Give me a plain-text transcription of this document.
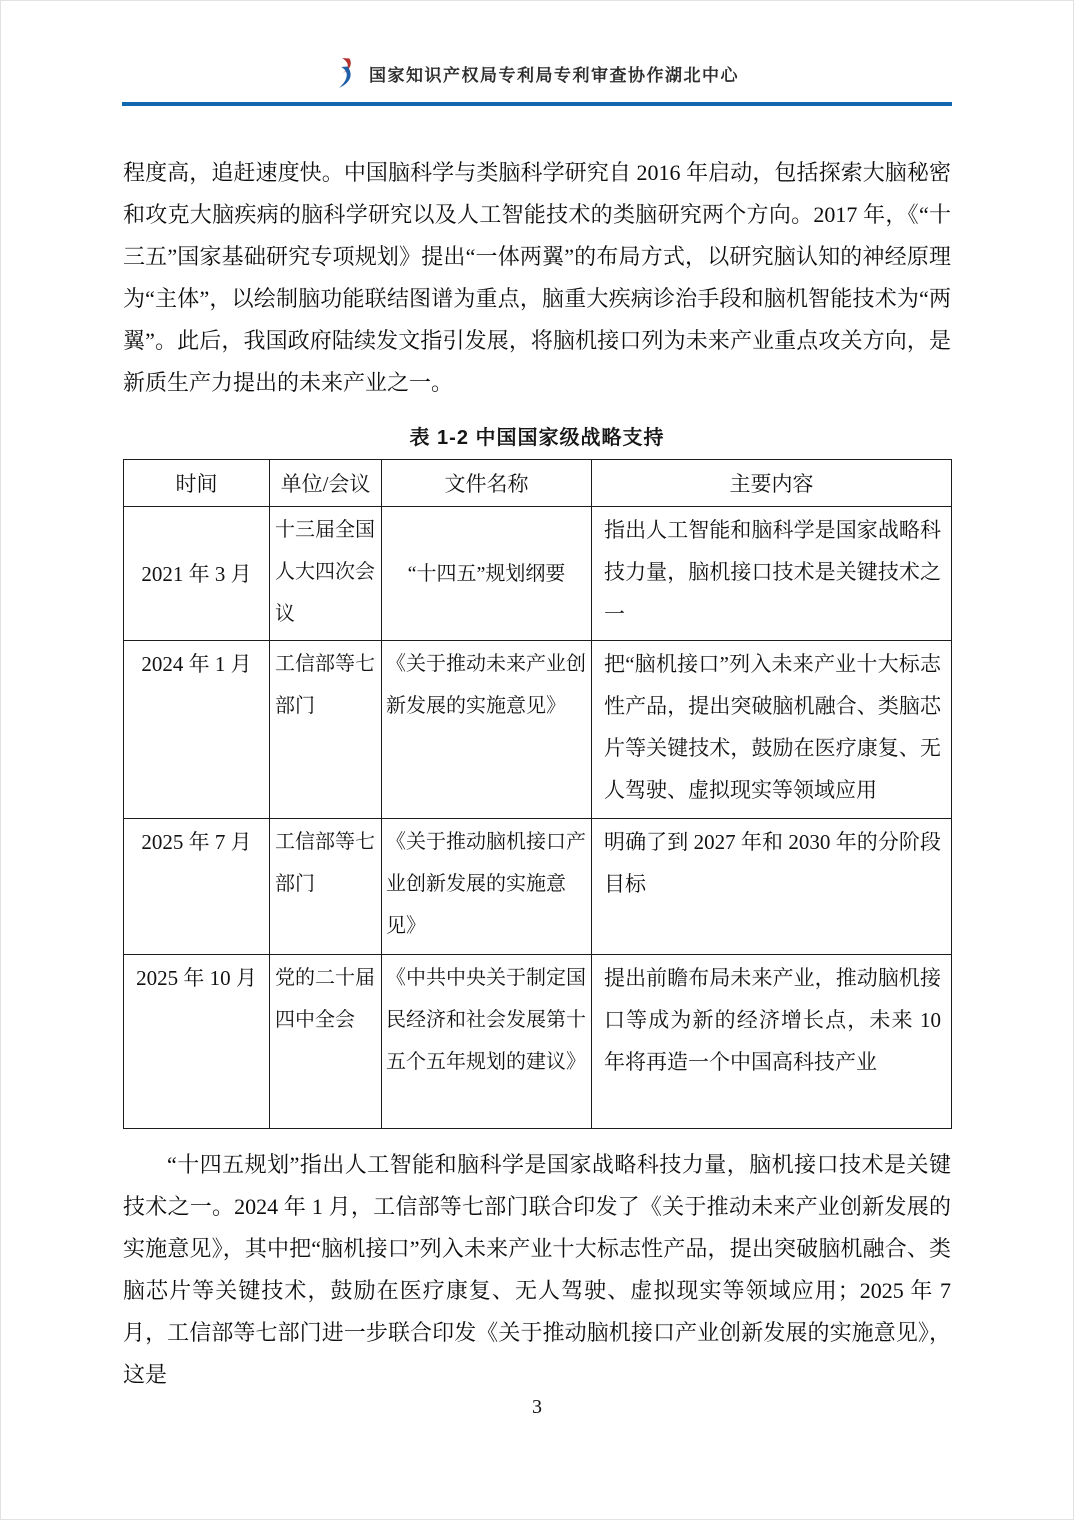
国家知识产权局专利局专利审查协作湖北中心

程度高，追赶速度快。中国脑科学与类脑科学研究自 2016 年启动，包括探索大脑秘密和攻克大脑疾病的脑科学研究以及人工智能技术的类脑研究两个方向。2017 年，《“十三五”国家基础研究专项规划》提出“一体两翼”的布局方式，以研究脑认知的神经原理为“主体”，以绘制脑功能联结图谱为重点，脑重大疾病诊治手段和脑机智能技术为“两翼”。此后，我国政府陆续发文指引发展，将脑机接口列为未来产业重点攻关方向，是新质生产力提出的未来产业之一。

表 1-2 中国国家级战略支持
时间	单位/会议	文件名称	主要内容
2021 年 3 月	十三届全国人大四次会议	“十四五”规划纲要	指出人工智能和脑科学是国家战略科技力量，脑机接口技术是关键技术之一
2024 年 1 月	工信部等七部门	《关于推动未来产业创新发展的实施意见》	把“脑机接口”列入未来产业十大标志性产品，提出突破脑机融合、类脑芯片等关键技术，鼓励在医疗康复、无人驾驶、虚拟现实等领域应用
2025 年 7 月	工信部等七部门	《关于推动脑机接口产业创新发展的实施意见》	明确了到 2027 年和 2030 年的分阶段目标
2025 年 10 月	党的二十届四中全会	《中共中央关于制定国民经济和社会发展第十五个五年规划的建议》	提出前瞻布局未来产业，推动脑机接口等成为新的经济增长点，未来 10 年将再造一个中国高科技产业

“十四五规划”指出人工智能和脑科学是国家战略科技力量，脑机接口技术是关键技术之一。2024 年 1 月，工信部等七部门联合印发了《关于推动未来产业创新发展的实施意见》，其中把“脑机接口”列入未来产业十大标志性产品，提出突破脑机融合、类脑芯片等关键技术，鼓励在医疗康复、无人驾驶、虚拟现实等领域应用；2025 年 7 月，工信部等七部门进一步联合印发《关于推动脑机接口产业创新发展的实施意见》，这是

3
